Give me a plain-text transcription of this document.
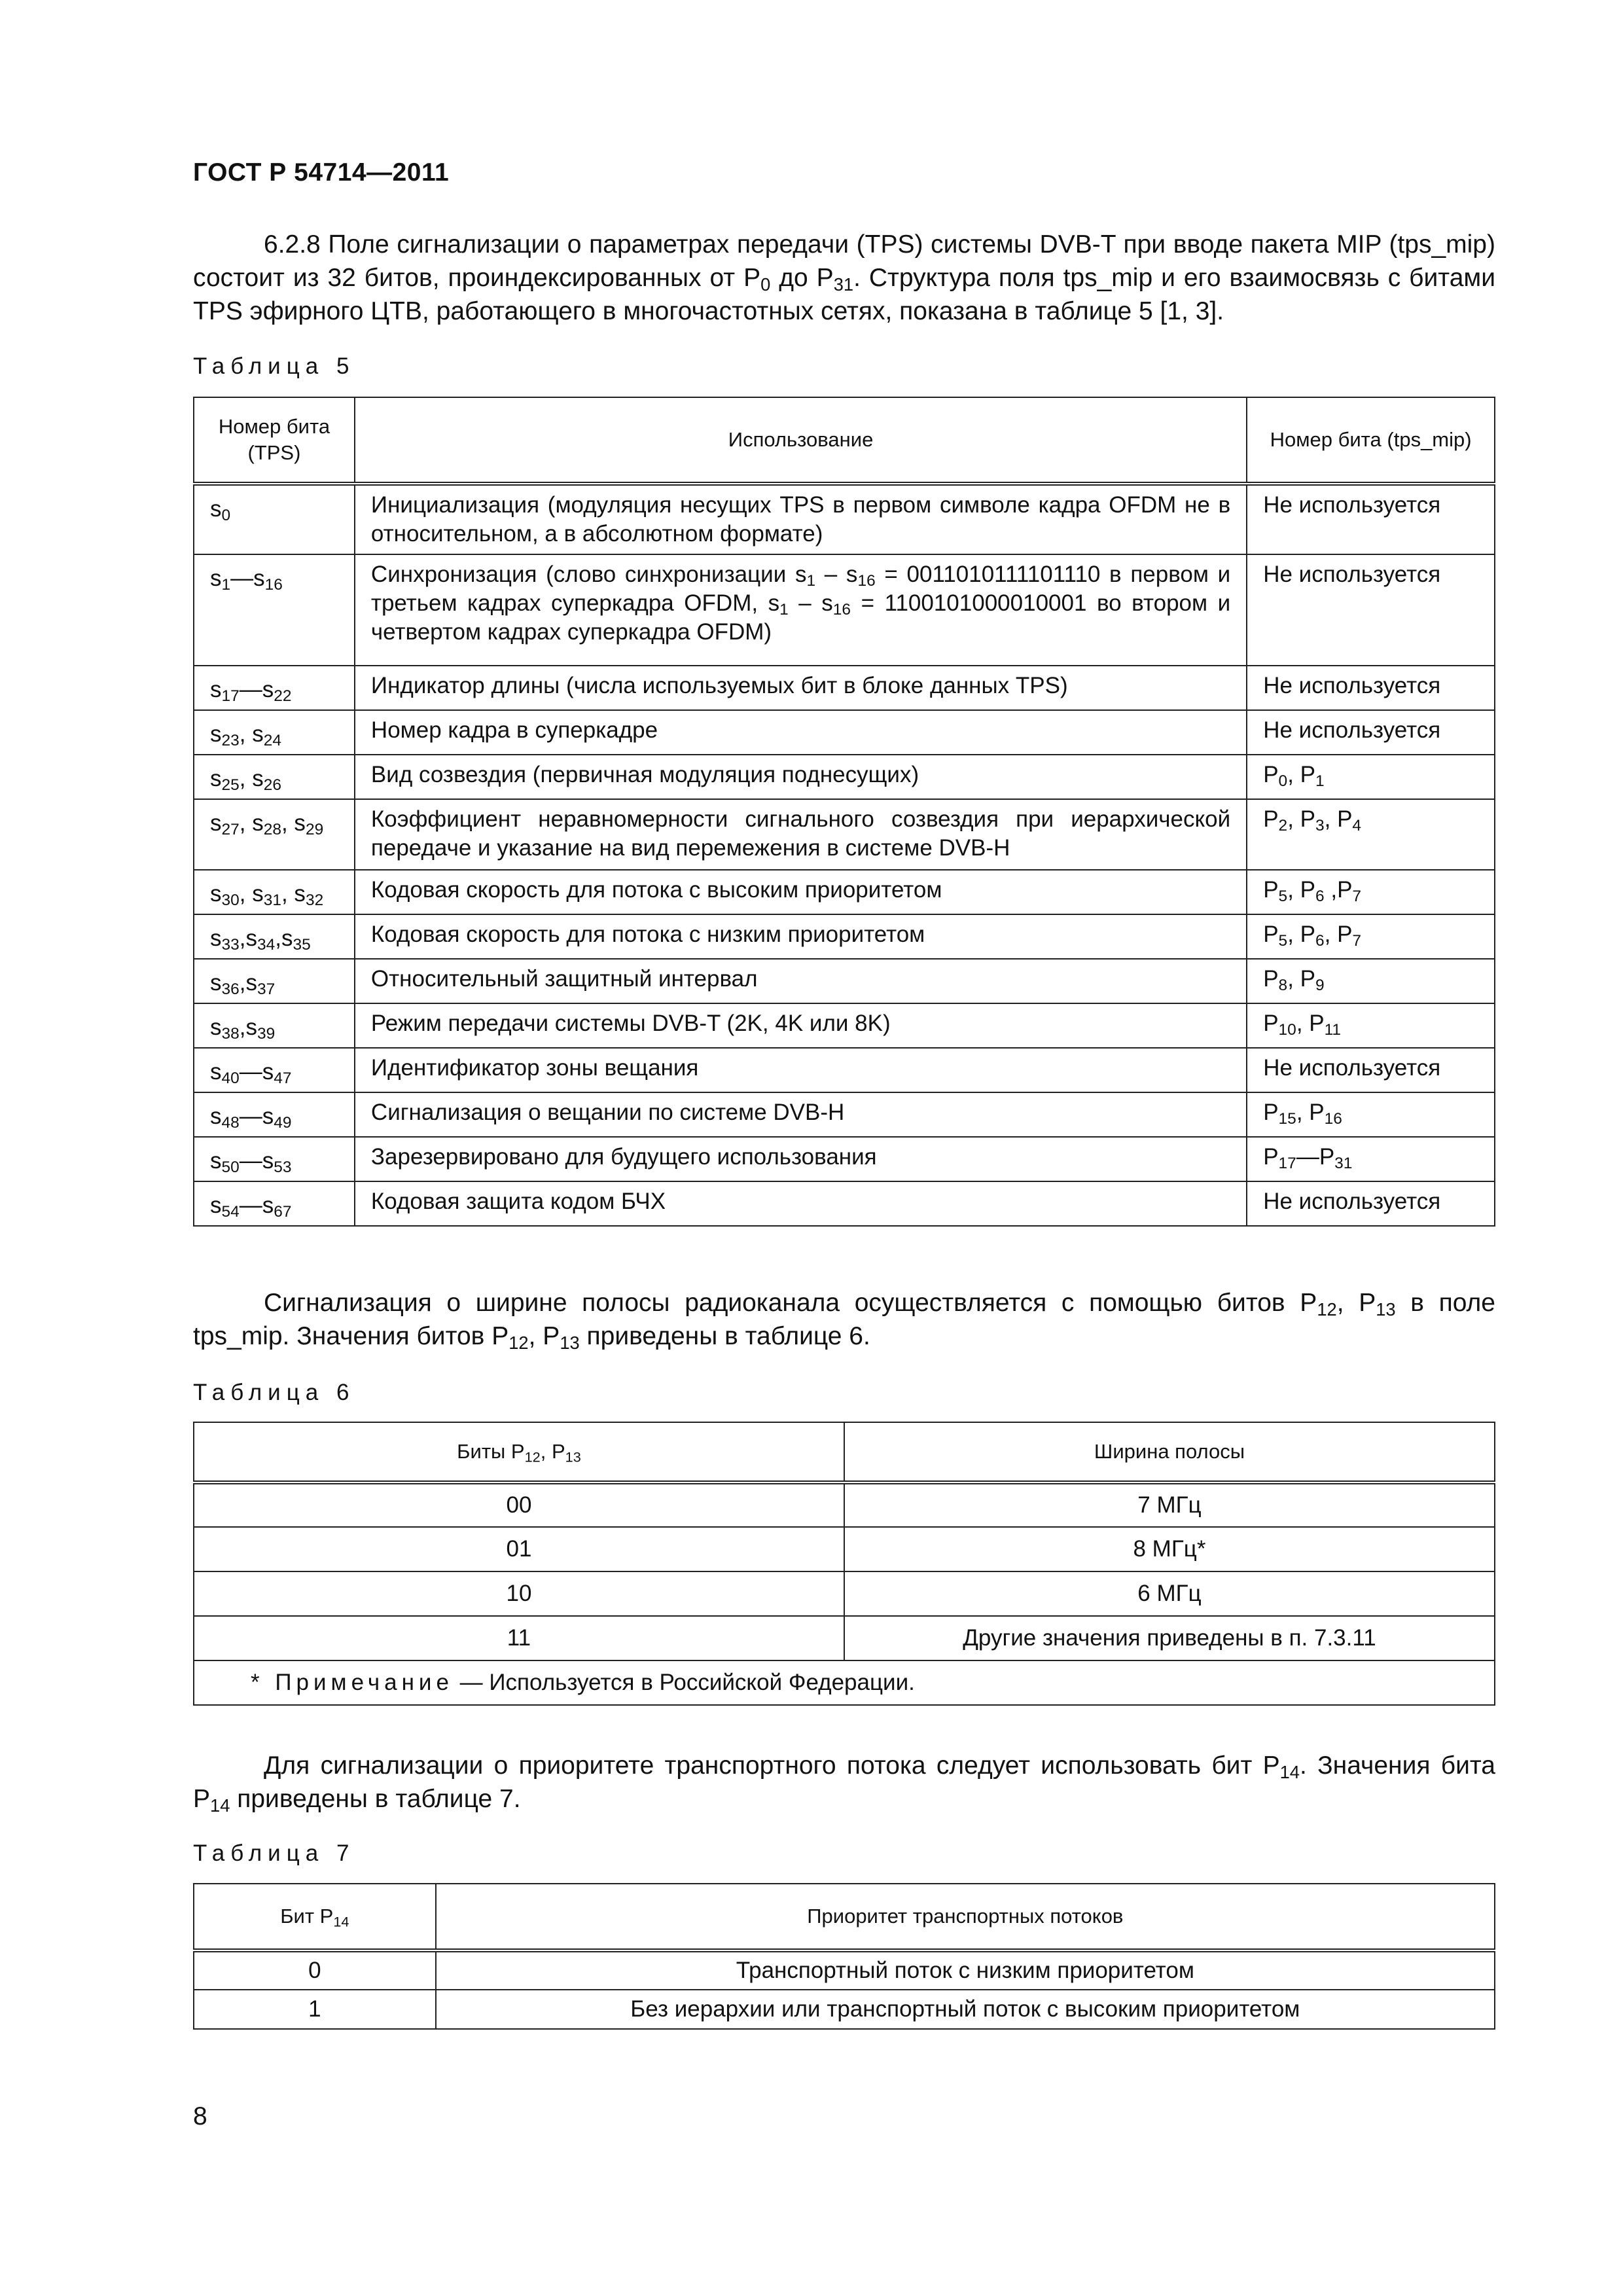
ГОСТ Р 54714—2011
6.2.8 Поле сигнализации о параметрах передачи (TPS) системы DVB-T при вводе пакета MIP (tps_mip) состоит из 32 битов, проиндексированных от $P_0$ до $P_{31}$. Структура поля tps_mip и его взаимосвязь с битами TPS эфирного ЦТВ, работающего в многочастотных сетях, показана в таблице 5 [1, 3].
Таблица 5
Номер бита (TPS)	Использование	Номер бита (tps_mip)
$s_0$	Инициализация (модуляция несущих TPS в первом символе кадра OFDM не в относительном, а в абсолютном формате)	Не используется
$s_1—s_{16}$	Синхронизация (слово синхронизации $s_1 - s_{16} = 0011010111101110$ в первом и третьем кадрах суперкадра OFDM, $s_1 - s_{16} = 1100101000010001$ во втором и четвертом кадрах суперкадра OFDM)	Не используется
$s_{17}—s_{22}$	Индикатор длины (числа используемых бит в блоке данных TPS)	Не используется
$s_{23}$, $s_{24}$	Номер кадра в суперкадре	Не используется
$s_{25}$, $s_{26}$	Вид созвездия (первичная модуляция поднесущих)	$P_0$, $P_1$
$s_{27}$, $s_{28}$, $s_{29}$	Коэффициент неравномерности сигнального созвездия при иерархической передаче и указание на вид перемежения в системе DVB-H	$P_2$, $P_3$, $P_4$
$s_{30}$, $s_{31}$, $s_{32}$	Кодовая скорость для потока с высоким приоритетом	$P_5$, $P_6$ $,P_7$
$s_{33},s_{34},s_{35}$	Кодовая скорость для потока с низким приоритетом	$P_5$, $P_6$, $P_7$
$s_{36},s_{37}$	Относительный защитный интервал	$P_8$, $P_9$
$s_{38},s_{39}$	Режим передачи системы DVB-T (2K, 4K или 8K)	$P_{10}$, $P_{11}$
$s_{40}—s_{47}$	Идентификатор зоны вещания	Не используется
$s_{48}—s_{49}$	Сигнализация о вещании по системе DVB-H	$P_{15}$, $P_{16}$
$s_{50}—s_{53}$	Зарезервировано для будущего использования	$P_{17}—P_{31}$
$s_{54}—s_{67}$	Кодовая защита кодом БЧХ	Не используется
Сигнализация о ширине полосы радиоканала осуществляется с помощью битов $P_{12}$, $P_{13}$ в поле tps_mip. Значения битов $P_{12}$, $P_{13}$ приведены в таблице 6.
Таблица 6
Биты $P_{12}$, $P_{13}$	Ширина полосы
00	7 МГц
01	8 МГц*
10	6 МГц
11	Другие значения приведены в п. 7.3.11
* Примечание — Используется в Российской Федерации.	
Для сигнализации о приоритете транспортного потока следует использовать бит $P_{14}$. Значения бита $P_{14}$ приведены в таблице 7.
Таблица 7
Бит $P_{14}$	Приоритет транспортных потоков
0	Транспортный поток с низким приоритетом
1	Без иерархии или транспортный поток с высоким приоритетом
8
